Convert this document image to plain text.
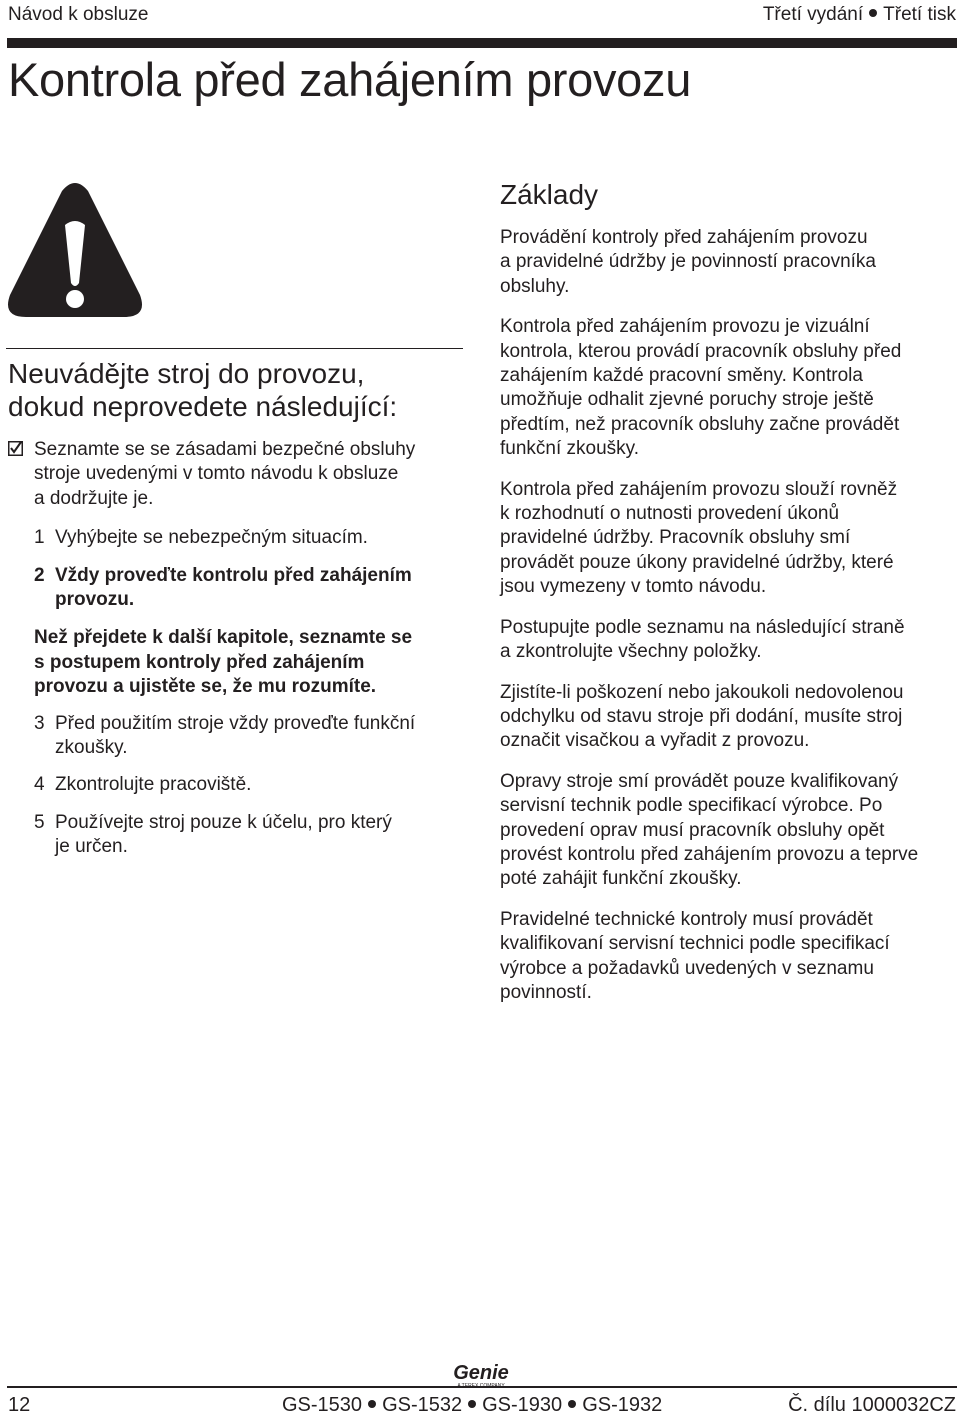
Návod k obsluze	Třetí vydání Třetí tisk
Kontrola před zahájením provozu
Neuvádějte stroj do provozu,
dokud neprovedete následující:
Seznamte se se zásadami bezpečné obsluhy
stroje uvedenými v tomto návodu k obsluze
a dodržujte je.
1 Vyhýbejte se nebezpečným situacím.
2 Vždy proveďte kontrolu před zahájením
provozu.
Než přejdete k další kapitole, seznamte se
s postupem kontroly před zahájením
provozu a ujistěte se, že mu rozumíte.
3 Před použitím stroje vždy proveďte funkční
zkoušky.
4 Zkontrolujte pracoviště.
5 Používejte stroj pouze k účelu, pro který
je určen.
Základy

Provádění kontroly před zahájením provozu
a pravidelné údržby je povinností pracovníka
obsluhy.

Kontrola před zahájením provozu je vizuální
kontrola, kterou provádí pracovník obsluhy před
zahájením každé pracovní směny. Kontrola
umožňuje odhalit zjevné poruchy stroje ještě
předtím, než pracovník obsluhy začne provádět
funkční zkoušky.

Kontrola před zahájením provozu slouží rovněž
k rozhodnutí o nutnosti provedení úkonů
pravidelné údržby. Pracovník obsluhy smí
provádět pouze úkony pravidelné údržby, které
jsou vymezeny v tomto návodu.

Postupujte podle seznamu na následující straně
a zkontrolujte všechny položky.

Zjistíte-li poškození nebo jakoukoli nedovolenou
odchylku od stavu stroje při dodání, musíte stroj
označit visačkou a vyřadit z provozu.

Opravy stroje smí provádět pouze kvalifikovaný
servisní technik podle specifikací výrobce. Po
provedení oprav musí pracovník obsluhy opět
provést kontrolu před zahájením provozu a teprve
poté zahájit funkční zkoušky.

Pravidelné technické kontroly musí provádět
kvalifikovaní servisní technici podle specifikací
výrobce a požadavků uvedených v seznamu
povinností.

Genie
12	GS-1530 GS-1532 GS-1930 GS-1932	Č. dílu 1000032CZ
